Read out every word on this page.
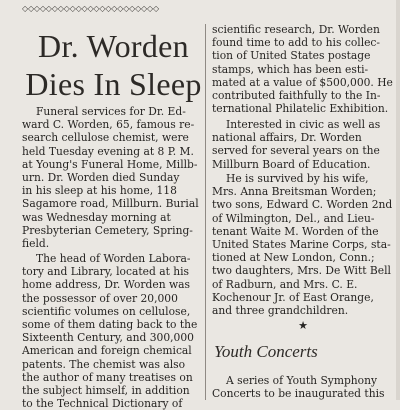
◇◇◇◇◇◇◇◇◇◇◇◇◇◇◇◇◇◇◇◇◇◇◇
Dr. Worden
Dies In Sleep
Funeral services for Dr. Ed-
ward C. Worden, 65, famous re-
search cellulose chemist, were
held Tuesday evening at 8 P. M.
at Young's Funeral Home, Millb-
urn. Dr. Worden died Sunday
in his sleep at his home, 118
Sagamore road, Millburn. Burial
was Wednesday morning at
Presbyterian Cemetery, Spring-
field.
The head of Worden Labora-
tory and Library, located at his
home address, Dr. Worden was
the possessor of over 20,000
scientific volumes on cellulose,
some of them dating back to the
Sixteenth Century, and 300,000
American and foreign chemical
patents. The chemist was also
the author of many treatises on
the subject himself, in addition
to the Technical Dictionary of
scientific research, Dr. Worden
found time to add to his collec-
tion of United States postage
stamps, which has been esti-
mated at a value of $500,000. He
contributed faithfully to the In-
ternational Philatelic Exhibition.
Interested in civic as well as
national affairs, Dr. Worden
served for several years on the
Millburn Board of Education.
He is survived by his wife,
Mrs. Anna Breitsman Worden;
two sons, Edward C. Worden 2nd
of Wilmington, Del., and Lieu-
tenant Waite M. Worden of the
United States Marine Corps, sta-
tioned at New London, Conn.;
two daughters, Mrs. De Witt Bell
of Radburn, and Mrs. C. E.
Kochenour Jr. of East Orange,
and three grandchildren.
★
Youth Concerts
A series of Youth Symphony
Concerts to be inaugurated this
